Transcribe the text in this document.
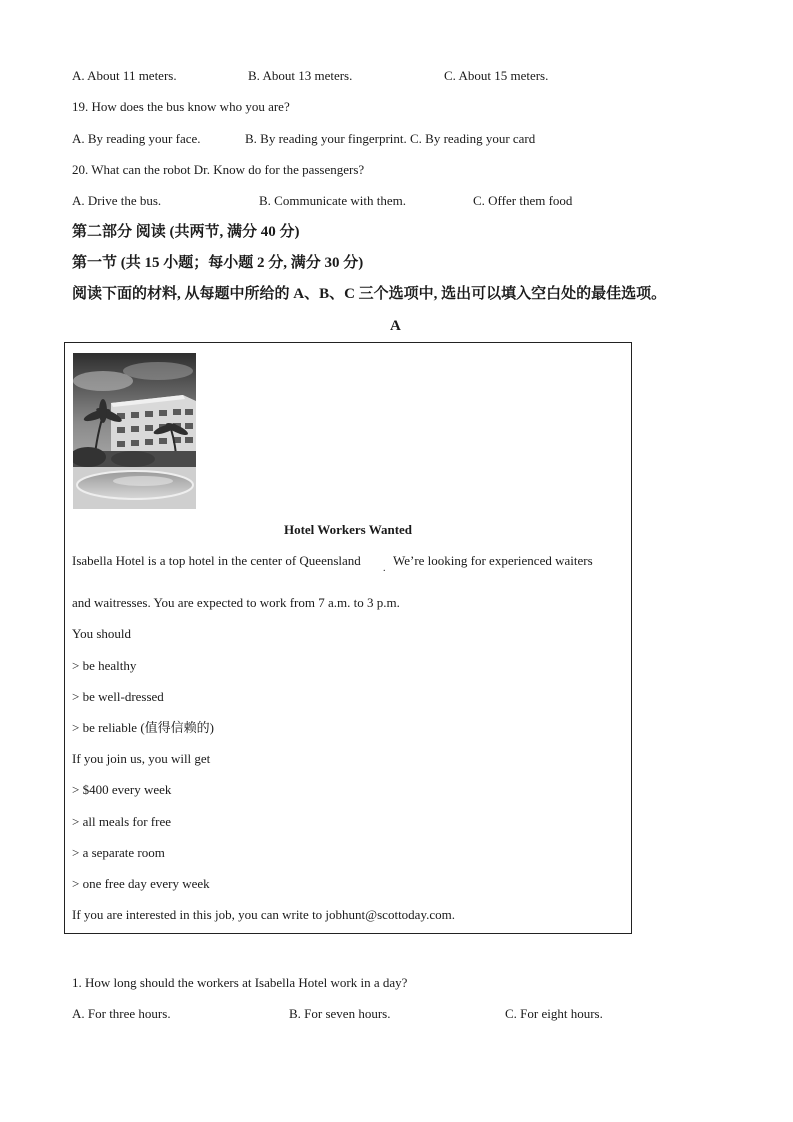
A. About 11 meters.	B. About 13 meters.	C. About 15 meters.
19. How does the bus know who you are?
A. By reading your face.	B. By reading your fingerprint. C. By reading your card
20. What can the robot Dr. Know do for the passengers?
A. Drive the bus.	B. Communicate with them.	C. Offer them food
第二部分 阅读 (共两节, 满分 40 分)
第一节 (共 15 小题；每小题 2 分, 满分 30 分)
阅读下面的材料, 从每题中所给的 A、B、C 三个选项中, 选出可以填入空白处的最佳选项。
A
Hotel Workers Wanted
Isabella Hotel is a top hotel in the center of Queensland
.
We’re looking for experienced waiters
and waitresses. You are expected to work from 7 a.m. to 3 p.m.
You should
> be healthy
> be well-dressed
> be reliable (值得信赖的)
If you join us, you will get
> $400 every week
> all meals for free
> a separate room
> one free day every week
If you are interested in this job, you can write to jobhunt@scottoday.com.
1. How long should the workers at Isabella Hotel work in a day?
A. For three hours.	B. For seven hours.	C. For eight hours.
